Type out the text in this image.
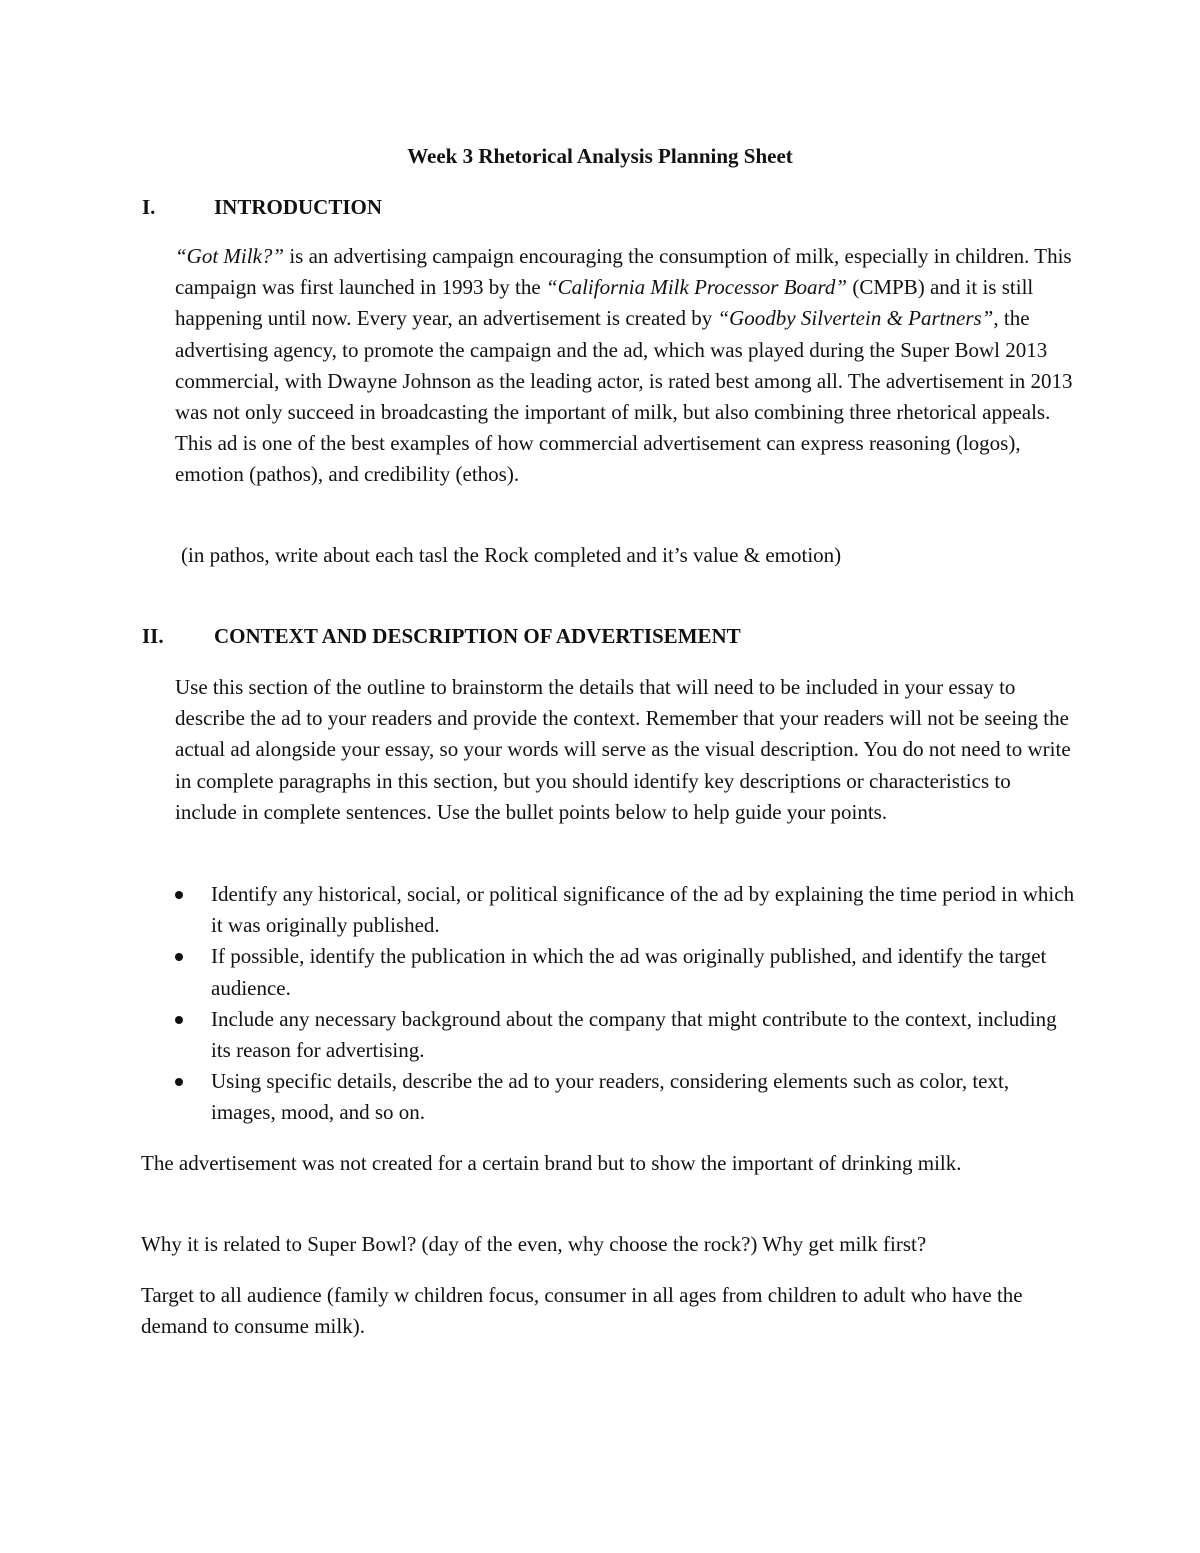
Week 3 Rhetorical Analysis Planning Sheet
I.	INTRODUCTION
“Got Milk?” is an advertising campaign encouraging the consumption of milk, especially in children. This campaign was first launched in 1993 by the “California Milk Processor Board” (CMPB) and it is still happening until now. Every year, an advertisement is created by “Goodby Silvertein & Partners”, the advertising agency, to promote the campaign and the ad, which was played during the Super Bowl 2013 commercial, with Dwayne Johnson as the leading actor, is rated best among all. The advertisement in 2013 was not only succeed in broadcasting the important of milk, but also combining three rhetorical appeals. This ad is one of the best examples of how commercial advertisement can express reasoning (logos), emotion (pathos), and credibility (ethos).
(in pathos, write about each tasl the Rock completed and it’s value & emotion)
II. CONTEXT AND DESCRIPTION OF ADVERTISEMENT
Use this section of the outline to brainstorm the details that will need to be included in your essay to describe the ad to your readers and provide the context. Remember that your readers will not be seeing the actual ad alongside your essay, so your words will serve as the visual description. You do not need to write in complete paragraphs in this section, but you should identify key descriptions or characteristics to include in complete sentences. Use the bullet points below to help guide your points.
Identify any historical, social, or political significance of the ad by explaining the time period in which it was originally published.
If possible, identify the publication in which the ad was originally published, and identify the target audience.
Include any necessary background about the company that might contribute to the context, including its reason for advertising.
Using specific details, describe the ad to your readers, considering elements such as color, text, images, mood, and so on.
The advertisement was not created for a certain brand but to show the important of drinking milk.
Why it is related to Super Bowl? (day of the even, why choose the rock?) Why get milk first?
Target to all audience (family w children focus, consumer in all ages from children to adult who have the demand to consume milk).
